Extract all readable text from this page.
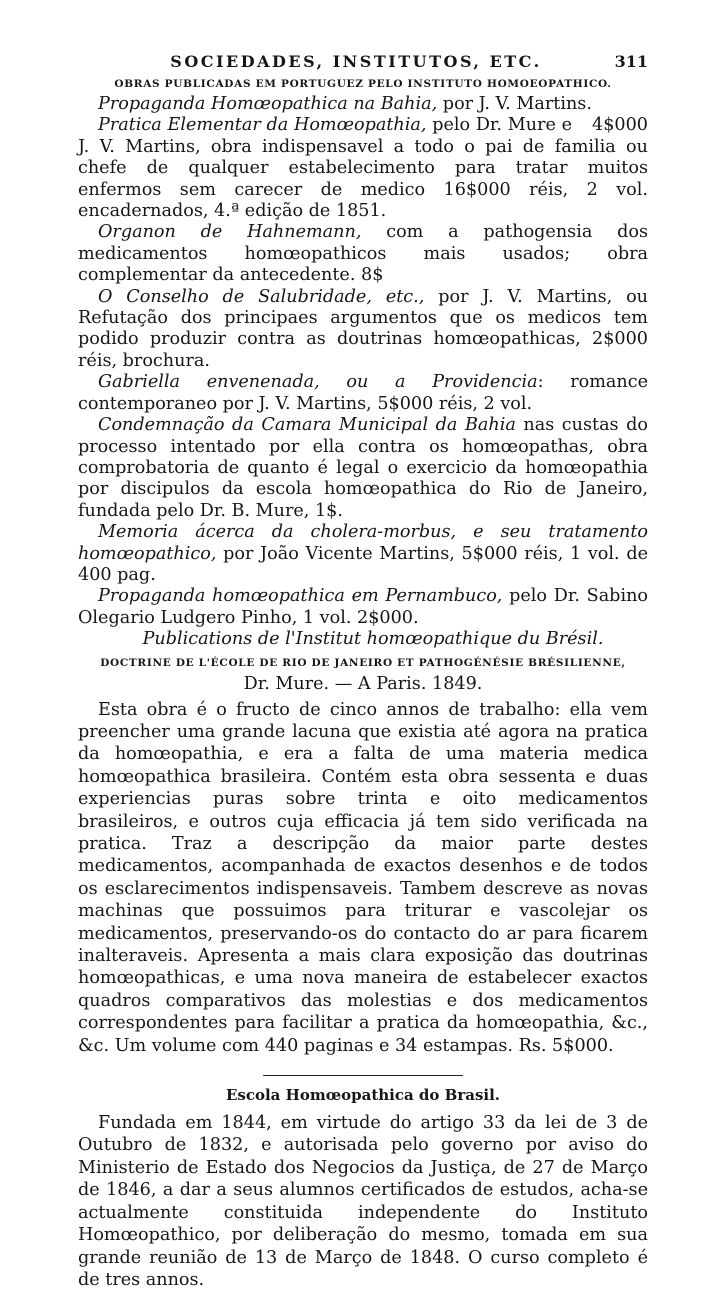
SOCIEDADES, INSTITUTOS, ETC.	311
OBRAS PUBLICADAS EM PORTUGUEZ PELO INSTITUTO HOMOEOPATHICO.

Propaganda Homœopathica na Bahia, por J. V. Martins.
4$000

Pratica Elementar da Homœopathia, pelo Dr. Mure e J. V. Martins, obra indispensavel a todo o pai de familia ou chefe de qualquer estabelecimento para tratar muitos enfermos sem carecer de medico 16$000 réis, 2 vol. encadernados, 4.ª edição de 1851.

Organon de Hahnemann, com a pathogensia dos medicamentos homœopathicos mais usados; obra complementar da antecedente. 8$

O Conselho de Salubridade, etc., por J. V. Martins, ou Refutação dos principaes argumentos que os medicos tem podido produzir contra as doutrinas homœopathicas, 2$000 réis, brochura.

Gabriella envenenada, ou a Providencia: romance contemporaneo por J. V. Martins, 5$000 réis, 2 vol.

Condemnação da Camara Municipal da Bahia nas custas do processo intentado por ella contra os homœopathas, obra comprobatoria de quanto é legal o exercicio da homœopathia por discipulos da escola homœopathica do Rio de Janeiro, fundada pelo Dr. B. Mure, 1$.

Memoria ácerca da cholera-morbus, e seu tratamento homœopathico, por João Vicente Martins, 5$000 réis, 1 vol. de 400 pag.

Propaganda homœopathica em Pernambuco, pelo Dr. Sabino Olegario Ludgero Pinho, 1 vol. 2$000.

Publications de l'Institut homœopathique du Brésil.

DOCTRINE DE L'ÉCOLE DE RIO DE JANEIRO ET PATHOGÉNÉSIE BRÉSILIENNE,
Dr. Mure. — A Paris. 1849.

Esta obra é o fructo de cinco annos de trabalho: ella vem preencher uma grande lacuna que existia até agora na pratica da homœopathia, e era a falta de uma materia medica homœopathica brasileira. Contém esta obra sessenta e duas experiencias puras sobre trinta e oito medicamentos brasileiros, e outros cuja efficacia já tem sido verificada na pratica. Traz a descripção da maior parte destes medicamentos, acompanhada de exactos desenhos e de todos os esclarecimentos indispensaveis. Tambem descreve as novas machinas que possuimos para triturar e vascolejar os medicamentos, preservando-os do contacto do ar para ficarem inalteraveis. Apresenta a mais clara exposição das doutrinas homœopathicas, e uma nova maneira de estabelecer exactos quadros comparativos das molestias e dos medicamentos correspondentes para facilitar a pratica da homœopathia, &c., &c. Um volume com 440 paginas e 34 estampas. Rs. 5$000.

Escola Homœopathica do Brasil.

Fundada em 1844, em virtude do artigo 33 da lei de 3 de Outubro de 1832, e autorisada pelo governo por aviso do Ministerio de Estado dos Negocios da Justiça, de 27 de Março de 1846, a dar a seus alumnos certificados de estudos, acha-se actualmente constituida independente do Instituto Homœopathico, por deliberação do mesmo, tomada em sua grande reunião de 13 de Março de 1848. O curso completo é de tres annos.
